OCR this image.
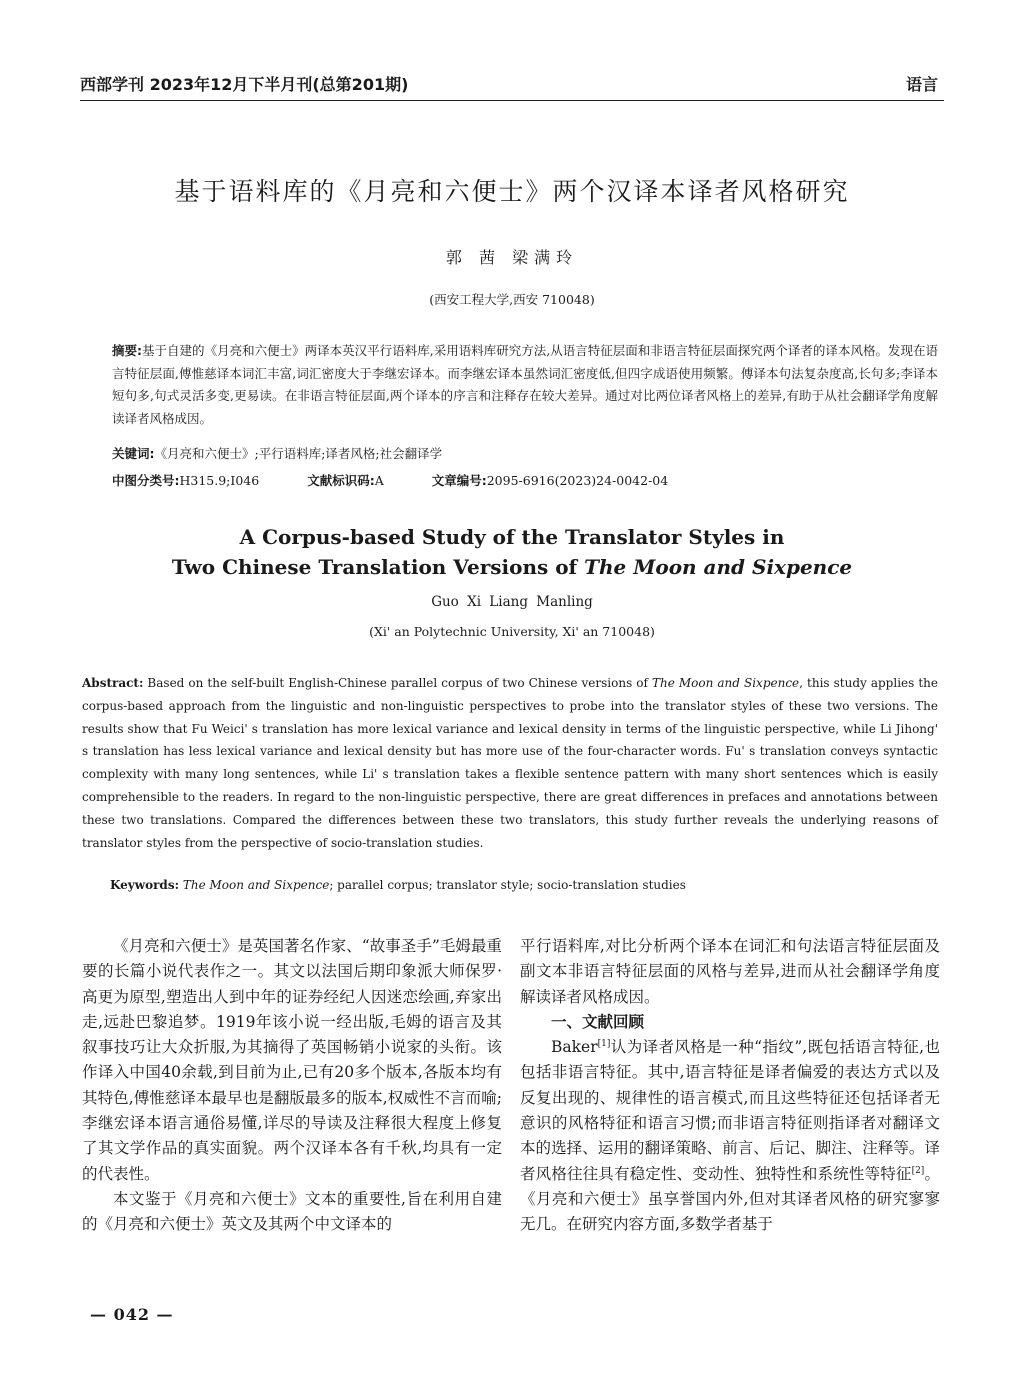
西部学刊 2023年12月下半月刊(总第201期)	语言
基于语料库的《月亮和六便士》两个汉译本译者风格研究
郭 茜 梁满玲
(西安工程大学,西安 710048)
摘要:基于自建的《月亮和六便士》两译本英汉平行语料库,采用语料库研究方法,从语言特征层面和非语言特征层面探究两个译者的译本风格。发现在语言特征层面,傅惟慈译本词汇丰富,词汇密度大于李继宏译本。而李继宏译本虽然词汇密度低,但四字成语使用频繁。傅译本句法复杂度高,长句多;李译本短句多,句式灵活多变,更易读。在非语言特征层面,两个译本的序言和注释存在较大差异。通过对比两位译者风格上的差异,有助于从社会翻译学角度解读译者风格成因。
关键词:《月亮和六便士》;平行语料库;译者风格;社会翻译学
中图分类号:H315.9;I046	文献标识码:A	文章编号:2095-6916(2023)24-0042-04
A Corpus-based Study of the Translator Styles in
Two Chinese Translation Versions of The Moon and Sixpence
Guo Xi Liang Manling
(Xi' an Polytechnic University, Xi' an 710048)
Abstract: Based on the self-built English-Chinese parallel corpus of two Chinese versions of The Moon and Sixpence, this study applies the corpus-based approach from the linguistic and non-linguistic perspectives to probe into the translator styles of these two versions. The results show that Fu Weici' s translation has more lexical variance and lexical density in terms of the linguistic perspective, while Li Jihong' s translation has less lexical variance and lexical density but has more use of the four-character words. Fu' s translation conveys syntactic complexity with many long sentences, while Li' s translation takes a flexible sentence pattern with many short sentences which is easily comprehensible to the readers. In regard to the non-linguistic perspective, there are great differences in prefaces and annotations between these two translations. Compared the differences between these two translators, this study further reveals the underlying reasons of translator styles from the perspective of socio-translation studies.
Keywords: The Moon and Sixpence; parallel corpus; translator style; socio-translation studies

《月亮和六便士》是英国著名作家、“故事圣手”毛姆最重要的长篇小说代表作之一。其文以法国后期印象派大师保罗·高更为原型,塑造出人到中年的证券经纪人因迷恋绘画,弃家出走,远赴巴黎追梦。1919年该小说一经出版,毛姆的语言及其叙事技巧让大众折服,为其摘得了英国畅销小说家的头衔。该作译入中国40余载,到目前为止,已有20多个版本,各版本均有其特色,傅惟慈译本最早也是翻版最多的版本,权威性不言而喻;李继宏译本语言通俗易懂,详尽的导读及注释很大程度上修复了其文学作品的真实面貌。两个汉译本各有千秋,均具有一定的代表性。

本文鉴于《月亮和六便士》文本的重要性,旨在利用自建的《月亮和六便士》英文及其两个中文译本的

平行语料库,对比分析两个译本在词汇和句法语言特征层面及副文本非语言特征层面的风格与差异,进而从社会翻译学角度解读译者风格成因。

一、文献回顾

Baker[1]认为译者风格是一种“指纹”,既包括语言特征,也包括非语言特征。其中,语言特征是译者偏爱的表达方式以及反复出现的、规律性的语言模式,而且这些特征还包括译者无意识的风格特征和语言习惯;而非语言特征则指译者对翻译文本的选择、运用的翻译策略、前言、后记、脚注、注释等。译者风格往往具有稳定性、变动性、独特性和系统性等特征[2]。《月亮和六便士》虽享誉国内外,但对其译者风格的研究寥寥无几。在研究内容方面,多数学者基于

— 042 —
